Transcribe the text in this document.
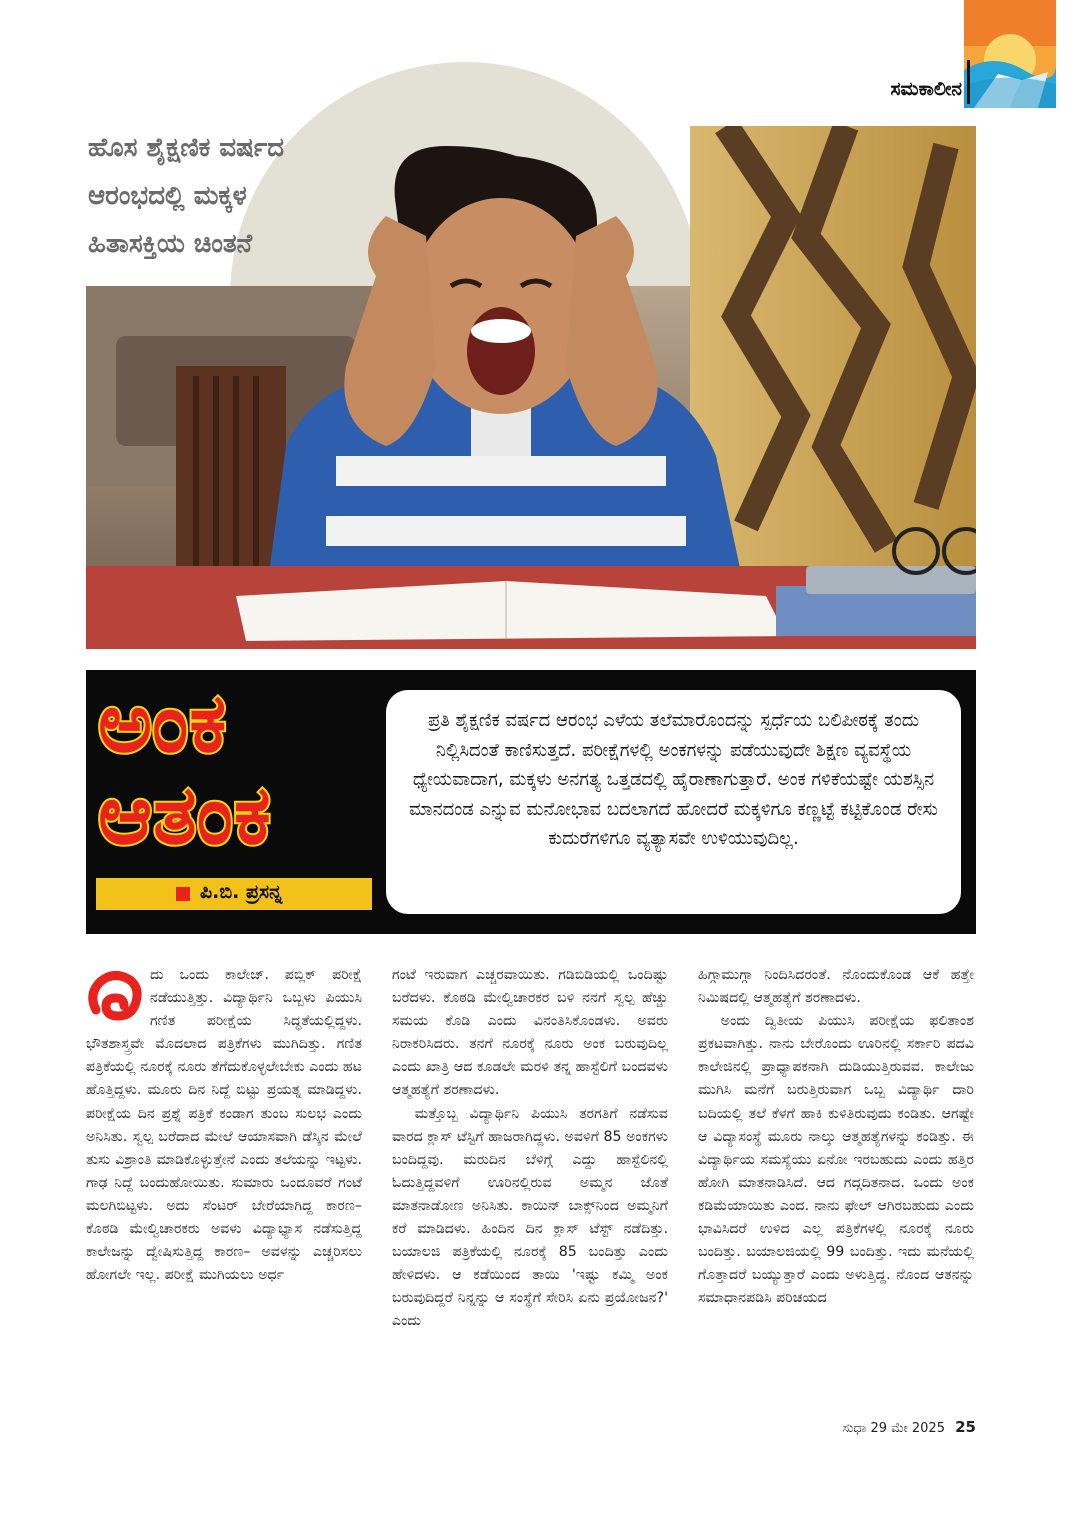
ಸಮಕಾಲೀನ
ಹೊಸ ಶೈಕ್ಷಣಿಕ ವರ್ಷದ
ಆರಂಭದಲ್ಲಿ ಮಕ್ಕಳ
ಹಿತಾಸಕ್ತಿಯ ಚಿಂತನೆ
ಅಂಕ
ಆತಂಕ
ಪಿ.ಬಿ. ಪ್ರಸನ್ನ
ಪ್ರತಿ ಶೈಕ್ಷಣಿಕ ವರ್ಷದ ಆರಂಭ ಎಳೆಯ ತಲೆಮಾರೊಂದನ್ನು ಸ್ಪರ್ಧೆಯ ಬಲಿಪೀಠಕ್ಕೆ ತಂದು ನಿಲ್ಲಿಸಿದಂತೆ ಕಾಣಿಸುತ್ತದೆ. ಪರೀಕ್ಷೆಗಳಲ್ಲಿ ಅಂಕಗಳನ್ನು ಪಡೆಯುವುದೇ ಶಿಕ್ಷಣ ವ್ಯವಸ್ಥೆಯ ಧ್ಯೇಯವಾದಾಗ, ಮಕ್ಕಳು ಅನಗತ್ಯ ಒತ್ತಡದಲ್ಲಿ ಹೈರಾಣಾಗುತ್ತಾರೆ. ಅಂಕ ಗಳಿಕೆಯಷ್ಟೇ ಯಶಸ್ಸಿನ ಮಾನದಂಡ ಎನ್ನುವ ಮನೋಭಾವ ಬದಲಾಗದೆ ಹೋದರೆ ಮಕ್ಕಳಿಗೂ ಕಣ್ಣಟ್ಟೆ ಕಟ್ಟಿಕೊಂಡ ರೇಸು ಕುದುರೆಗಳಿಗೂ ವ್ಯತ್ಯಾಸವೇ ಉಳಿಯುವುದಿಲ್ಲ.

ದು ಒಂದು ಕಾಲೇಜ್. ಪಬ್ಲಿಕ್ ಪರೀಕ್ಷೆ ನಡೆಯುತ್ತಿತ್ತು. ವಿದ್ಯಾರ್ಥಿನಿ ಒಬ್ಬಳು ಪಿಯುಸಿ ಗಣಿತ ಪರೀಕ್ಷೆಯ ಸಿದ್ಧತೆಯಲ್ಲಿದ್ದಳು. ಭೌತಶಾಸ್ತ್ರವೇ ಮೊದಲಾದ ಪತ್ರಿಕೆಗಳು ಮುಗಿದಿತ್ತು. ಗಣಿತ ಪತ್ರಿಕೆಯಲ್ಲಿ ನೂರಕ್ಕೆ ನೂರು ತೆಗೆದುಕೊಳ್ಳಲೇಬೇಕು ಎಂದು ಹಟ ಹೊತ್ತಿದ್ದಳು. ಮೂರು ದಿನ ನಿದ್ದೆ ಬಿಟ್ಟು ಪ್ರಯತ್ನ ಮಾಡಿದ್ದಳು. ಪರೀಕ್ಷೆಯ ದಿನ ಪ್ರಶ್ನೆ ಪತ್ರಿಕೆ ಕಂಡಾಗ ತುಂಬ ಸುಲಭ ಎಂದು ಅನಿಸಿತು. ಸ್ವಲ್ಪ ಬರೆದಾದ ಮೇಲೆ ಆಯಾಸವಾಗಿ ಡೆಸ್ಕಿನ ಮೇಲೆ ತುಸು ವಿಶ್ರಾಂತಿ ಮಾಡಿಕೊಳ್ಳುತ್ತೇನೆ ಎಂದು ತಲೆಯನ್ನು ಇಟ್ಟಳು. ಗಾಢ ನಿದ್ದೆ ಬಂದುಹೋಯಿತು. ಸುಮಾರು ಒಂದೂವರೆ ಗಂಟೆ ಮಲಗಿಬಿಟ್ಟಳು. ಅದು ಸೆಂಟರ್ ಬೇರೆಯಾಗಿದ್ದ ಕಾರಣ– ಕೊಠಡಿ ಮೇಲ್ವಿಚಾರಕರು ಅವಳು ವಿದ್ಯಾಭ್ಯಾಸ ನಡೆಸುತ್ತಿದ್ದ ಕಾಲೇಜನ್ನು ದ್ವೇಷಿಸುತ್ತಿದ್ದ ಕಾರಣ– ಅವಳನ್ನು ಎಚ್ಚರಿಸಲು ಹೋಗಲೇ ಇಲ್ಲ. ಪರೀಕ್ಷೆ ಮುಗಿಯಲು ಅರ್ಧ

ಗಂಟೆ ಇರುವಾಗ ಎಚ್ಚರವಾಯಿತು. ಗಡಿಬಿಡಿಯಲ್ಲಿ ಒಂದಿಷ್ಟು ಬರೆದಳು. ಕೊಠಡಿ ಮೇಲ್ವಿಚಾರಕರ ಬಳಿ ನನಗೆ ಸ್ವಲ್ಪ ಹೆಚ್ಚು ಸಮಯ ಕೊಡಿ ಎಂದು ವಿನಂತಿಸಿಕೊಂಡಳು. ಅವರು ನಿರಾಕರಿಸಿದರು. ತನಗೆ ನೂರಕ್ಕೆ ನೂರು ಅಂಕ ಬರುವುದಿಲ್ಲ ಎಂದು ಖಾತ್ರಿ ಆದ ಕೂಡಲೇ ಮರಳಿ ತನ್ನ ಹಾಸ್ಟೆಲಿಗೆ ಬಂದವಳು ಆತ್ಮಹತ್ಯೆಗೆ ಶರಣಾದಳು.

ಮತ್ತೊಬ್ಬ ವಿದ್ಯಾರ್ಥಿನಿ ಪಿಯುಸಿ ತರಗತಿಗೆ ನಡೆಸುವ ವಾರದ ಕ್ಲಾಸ್ ಟೆಸ್ಟಿಗೆ ಹಾಜರಾಗಿದ್ದಳು. ಅವಳಿಗೆ 85 ಅಂಕಗಳು ಬಂದಿದ್ದವು. ಮರುದಿನ ಬೆಳಿಗ್ಗೆ ಎದ್ದು ಹಾಸ್ಟೆಲಿನಲ್ಲಿ ಓದುತ್ತಿದ್ದವಳಿಗೆ ಊರಿನಲ್ಲಿರುವ ಅಮ್ಮನ ಜೊತೆ ಮಾತನಾಡೋಣ ಅನಿಸಿತು. ಕಾಯಿನ್ ಬಾಕ್ಸ್‌ನಿಂದ ಅಮ್ಮನಿಗೆ ಕರೆ ಮಾಡಿದಳು. ಹಿಂದಿನ ದಿನ ಕ್ಲಾಸ್ ಟೆಸ್ಟ್ ನಡೆದಿತ್ತು. ಬಯಾಲಜಿ ಪತ್ರಿಕೆಯಲ್ಲಿ ನೂರಕ್ಕೆ 85 ಬಂದಿತ್ತು ಎಂದು ಹೇಳಿದಳು. ಆ ಕಡೆಯಿಂದ ತಾಯಿ 'ಇಷ್ಟು ಕಮ್ಮಿ ಅಂಕ ಬರುವುದಿದ್ದರೆ ನಿನ್ನನ್ನು ಆ ಸಂಸ್ಥೆಗೆ ಸೇರಿಸಿ ಏನು ಪ್ರಯೋಜನ?' ಎಂದು

ಹಿಗ್ಗಾಮುಗ್ಗಾ ನಿಂದಿಸಿದರಂತೆ. ನೊಂದುಕೊಂಡ ಆಕೆ ಹತ್ತೇ ನಿಮಿಷದಲ್ಲಿ ಆತ್ಮಹತ್ಯೆಗೆ ಶರಣಾದಳು.

ಅಂದು ದ್ವಿತೀಯ ಪಿಯುಸಿ ಪರೀಕ್ಷೆಯ ಫಲಿತಾಂಶ ಪ್ರಕಟವಾಗಿತ್ತು. ನಾನು ಬೇರೊಂದು ಊರಿನಲ್ಲಿ ಸರ್ಕಾರಿ ಪದವಿ ಕಾಲೇಜಿನಲ್ಲಿ ಪ್ರಾಧ್ಯಾಪಕನಾಗಿ ದುಡಿಯುತ್ತಿರುವವ. ಕಾಲೇಜು ಮುಗಿಸಿ ಮನೆಗೆ ಬರುತ್ತಿರುವಾಗ ಒಬ್ಬ ವಿದ್ಯಾರ್ಥಿ ದಾರಿ ಬದಿಯಲ್ಲಿ ತಲೆ ಕೆಳಗೆ ಹಾಕಿ ಕುಳಿತಿರುವುದು ಕಂಡಿತು. ಆಗಷ್ಟೇ ಆ ವಿದ್ಯಾಸಂಸ್ಥೆ ಮೂರು ನಾಲ್ಕು ಆತ್ಮಹತ್ಯೆಗಳನ್ನು ಕಂಡಿತ್ತು. ಈ ವಿದ್ಯಾರ್ಥಿಯ ಸಮಸ್ಯೆಯು ಏನೋ ಇರಬಹುದು ಎಂದು ಹತ್ತಿರ ಹೋಗಿ ಮಾತನಾಡಿಸಿದೆ. ಆದ ಗದ್ಗದಿತನಾದ. ಒಂದು ಅಂಕ ಕಡಿಮೆಯಾಯಿತು ಎಂದ. ನಾನು ಫೇಲ್ ಆಗಿರಬಹುದು ಎಂದು ಭಾವಿಸಿದರೆ ಉಳಿದ ಎಲ್ಲ ಪತ್ರಿಕೆಗಳಲ್ಲಿ ನೂರಕ್ಕೆ ನೂರು ಬಂದಿತ್ತು. ಬಯಾಲಜಿಯಲ್ಲಿ 99 ಬಂದಿತ್ತು. ಇದು ಮನೆಯಲ್ಲಿ ಗೊತ್ತಾದರೆ ಬಯ್ಯುತ್ತಾರೆ ಎಂದು ಅಳುತ್ತಿದ್ದ. ನೊಂದ ಆತನನ್ನು ಸಮಾಧಾನಪಡಿಸಿ ಪರಿಚಯದ

ಸುಧಾ 29 ಮೇ 2025 25
